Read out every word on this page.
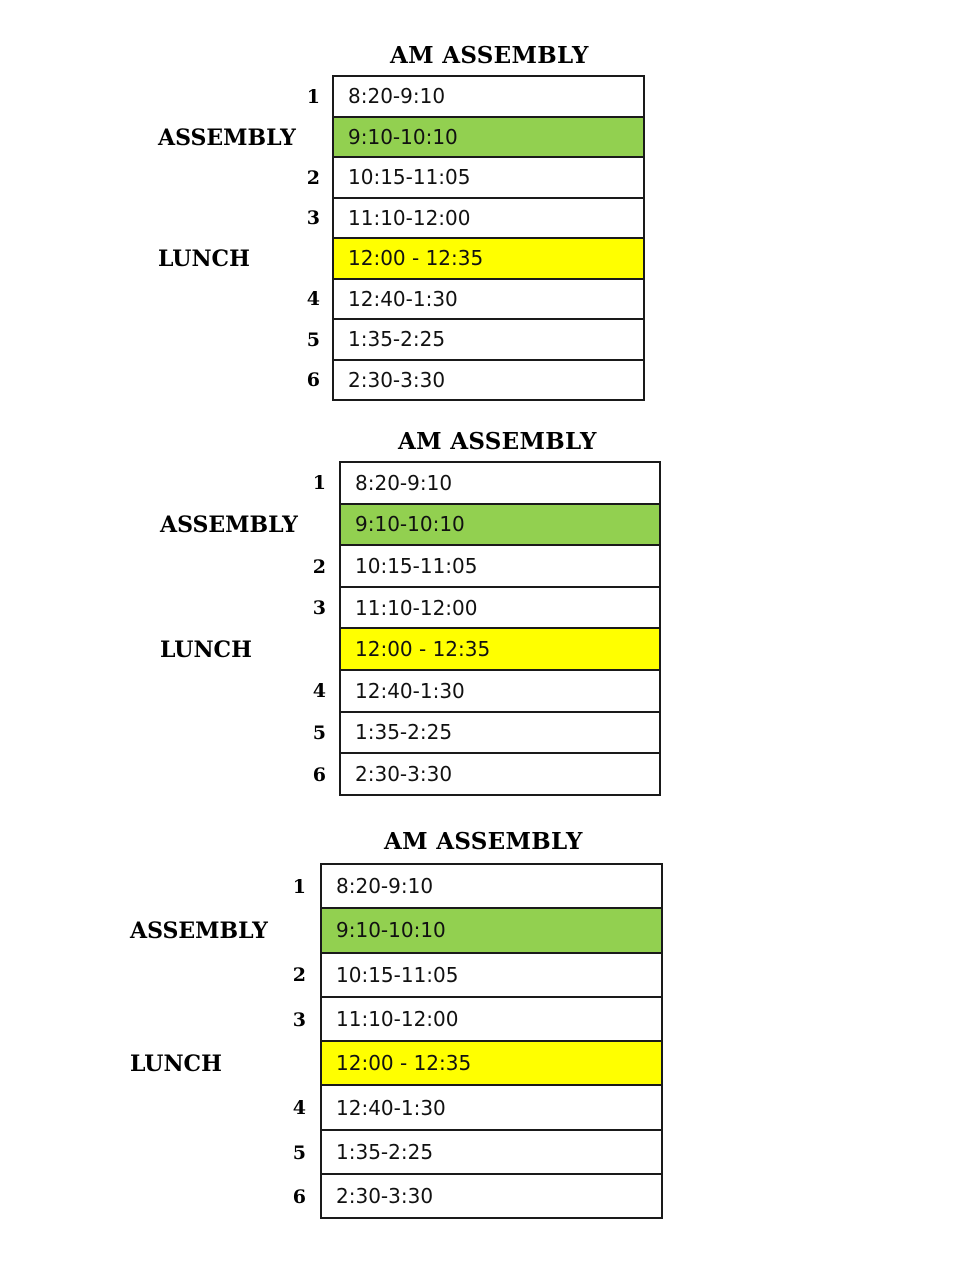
AM ASSEMBLY
1
ASSEMBLY
2
3
LUNCH
4
5
6
8:20-9:10
9:10-10:10
10:15-11:05
11:10-12:00
12:00 - 12:35
12:40-1:30
1:35-2:25
2:30-3:30
AM ASSEMBLY
1
ASSEMBLY
2
3
LUNCH
4
5
6
8:20-9:10
9:10-10:10
10:15-11:05
11:10-12:00
12:00 - 12:35
12:40-1:30
1:35-2:25
2:30-3:30
AM ASSEMBLY
1
ASSEMBLY
2
3
LUNCH
4
5
6
8:20-9:10
9:10-10:10
10:15-11:05
11:10-12:00
12:00 - 12:35
12:40-1:30
1:35-2:25
2:30-3:30
